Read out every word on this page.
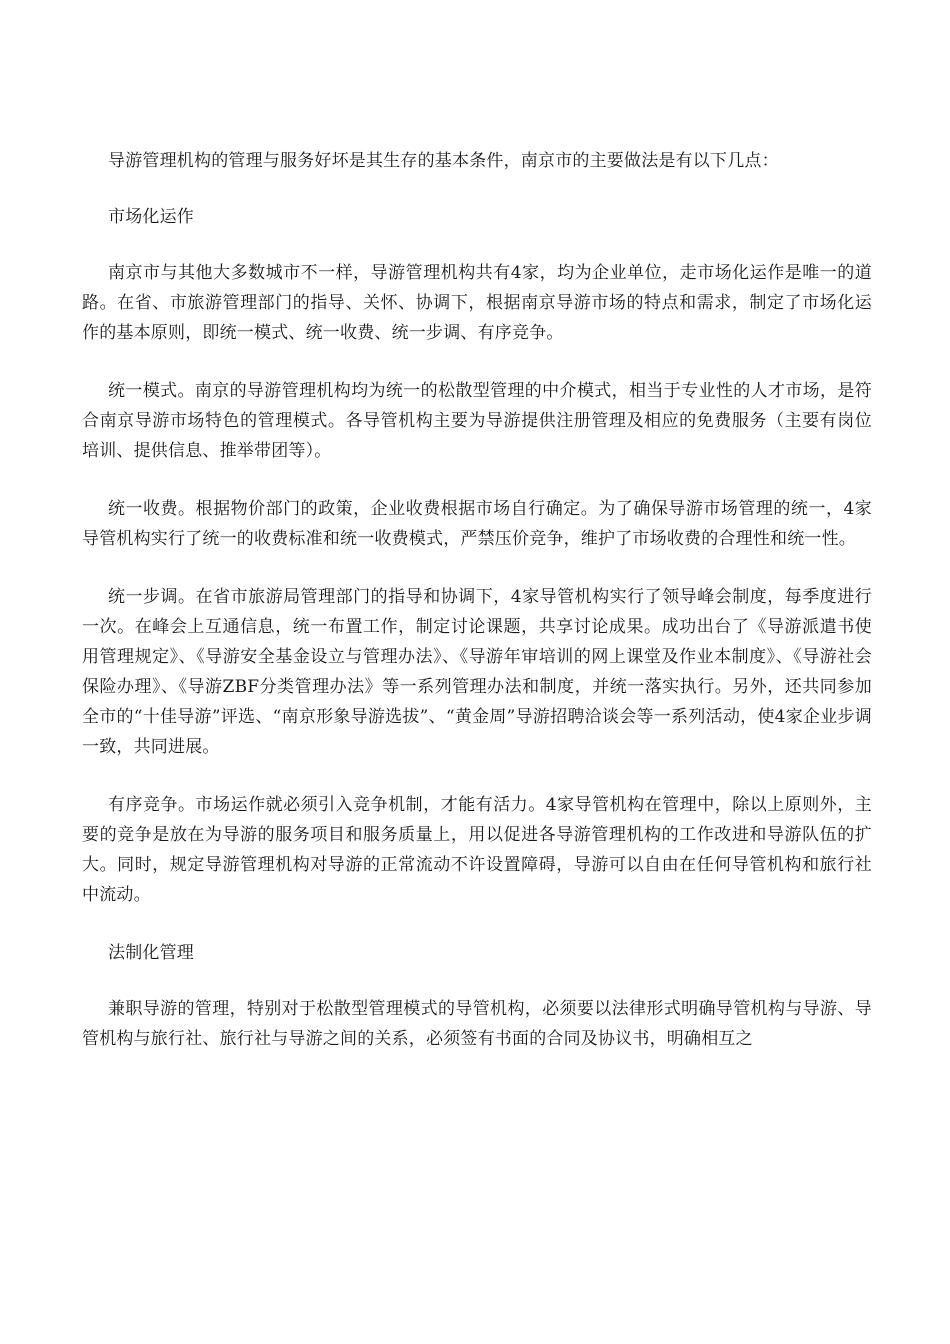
导游管理机构的管理与服务好坏是其生存的基本条件，南京市的主要做法是有以下几点：

市场化运作

南京市与其他大多数城市不一样，导游管理机构共有4家，均为企业单位，走市场化运作是唯一的道路。在省、市旅游管理部门的指导、关怀、协调下，根据南京导游市场的特点和需求，制定了市场化运作的基本原则，即统一模式、统一收费、统一步调、有序竞争。

统一模式。南京的导游管理机构均为统一的松散型管理的中介模式，相当于专业性的人才市场，是符合南京导游市场特色的管理模式。各导管机构主要为导游提供注册管理及相应的免费服务（主要有岗位培训、提供信息、推举带团等）。

统一收费。根据物价部门的政策，企业收费根据市场自行确定。为了确保导游市场管理的统一，4家导管机构实行了统一的收费标准和统一收费模式，严禁压价竞争，维护了市场收费的合理性和统一性。

统一步调。在省市旅游局管理部门的指导和协调下，4家导管机构实行了领导峰会制度，每季度进行一次。在峰会上互通信息，统一布置工作，制定讨论课题，共享讨论成果。成功出台了《导游派遣书使用管理规定》、《导游安全基金设立与管理办法》、《导游年审培训的网上课堂及作业本制度》、《导游社会保险办理》、《导游ZBF分类管理办法》等一系列管理办法和制度，并统一落实执行。另外，还共同参加全市的“十佳导游”评选、“南京形象导游选拔”、“黄金周”导游招聘洽谈会等一系列活动，使4家企业步调一致，共同进展。

有序竞争。市场运作就必须引入竞争机制，才能有活力。4家导管机构在管理中，除以上原则外，主要的竞争是放在为导游的服务项目和服务质量上，用以促进各导游管理机构的工作改进和导游队伍的扩大。同时，规定导游管理机构对导游的正常流动不许设置障碍，导游可以自由在任何导管机构和旅行社中流动。

法制化管理

兼职导游的管理，特别对于松散型管理模式的导管机构，必须要以法律形式明确导管机构与导游、导管机构与旅行社、旅行社与导游之间的关系，必须签有书面的合同及协议书，明确相互之
